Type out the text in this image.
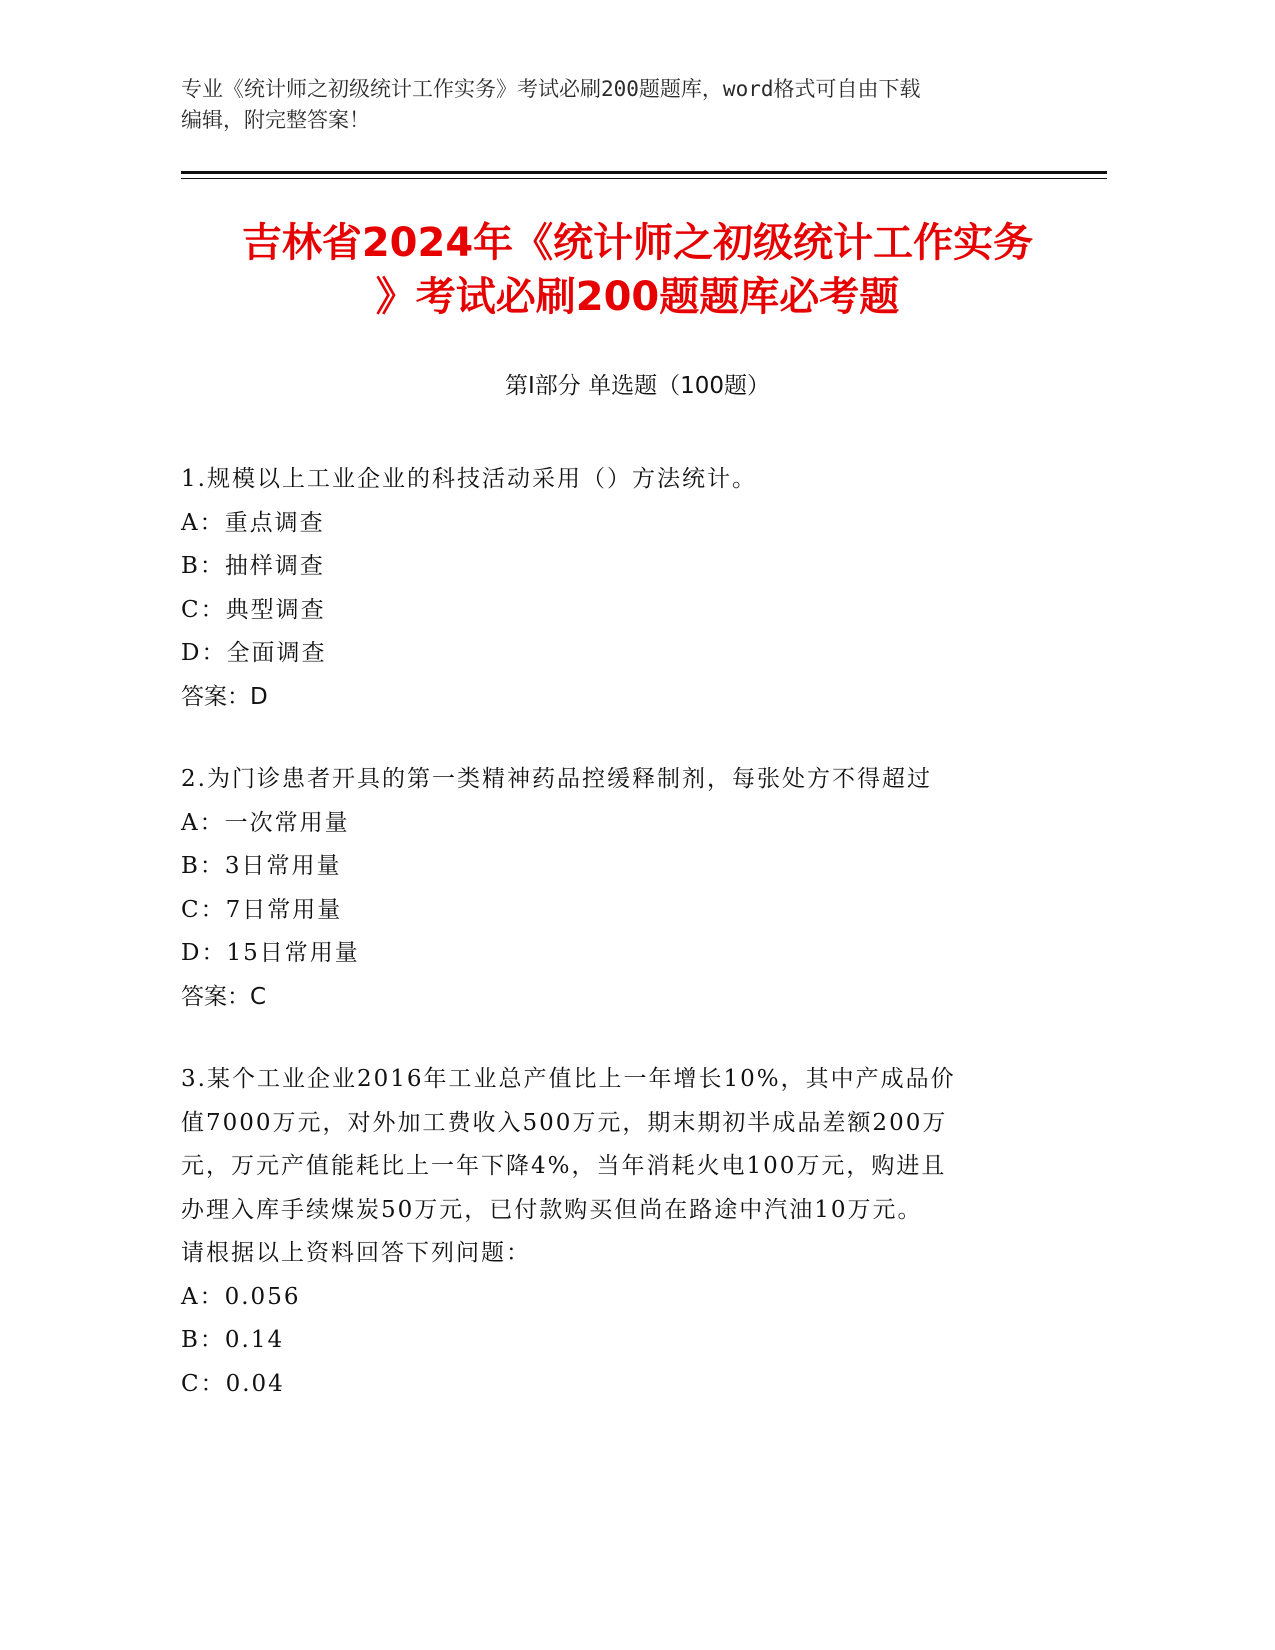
专业《统计师之初级统计工作实务》考试必刷200题题库，word格式可自由下载
编辑，附完整答案！
吉林省2024年《统计师之初级统计工作实务
》考试必刷200题题库必考题
第Ⅰ部分 单选题（100题）
1.规模以上工业企业的科技活动采用（）方法统计。
A：重点调查
B：抽样调查
C：典型调查
D：全面调查
答案：D
2.为门诊患者开具的第一类精神药品控缓释制剂，每张处方不得超过
A：一次常用量
B：3日常用量
C：7日常用量
D：15日常用量
答案：C
3.某个工业企业2016年工业总产值比上一年增长10%，其中产成品价
值7000万元，对外加工费收入500万元，期末期初半成品差额200万
元，万元产值能耗比上一年下降4%，当年消耗火电100万元，购进且
办理入库手续煤炭50万元，已付款购买但尚在路途中汽油10万元。
请根据以上资料回答下列问题：
A：0.056
B：0.14
C：0.04
